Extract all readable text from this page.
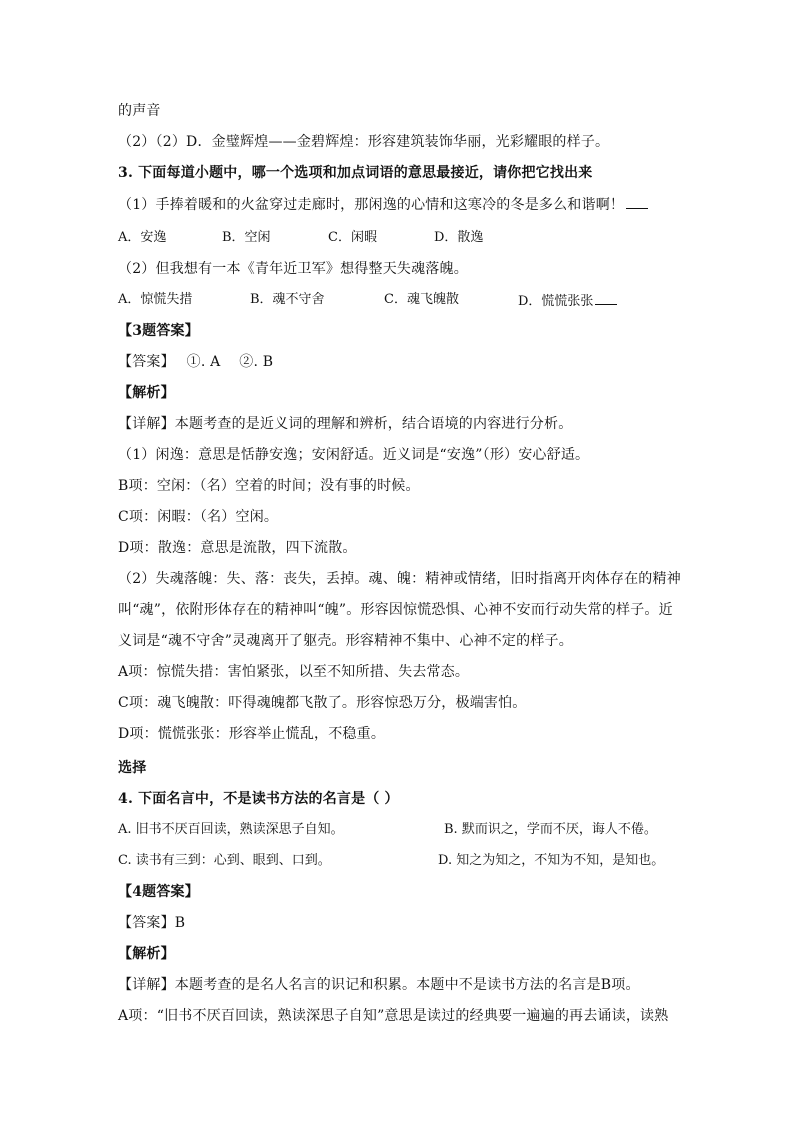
的声音
（2）（2）D．金璧辉煌——金碧辉煌：形容建筑装饰华丽，光彩耀眼的样子。
3. 下面每道小题中，哪一个选项和加点词语的意思最接近，请你把它找出来
（1）手捧着暖和的火盆穿过走廊时，那闲逸的心情和这寒冷的冬是多么和谐啊！
A．安逸	B．空闲	C．闲暇	D．散逸
（2）但我想有一本《青年近卫军》想得整天失魂落魄。
A．惊慌失措	B．魂不守舍	C．魂飞魄散	D．慌慌张张
【3题答案】
【答案】　 ①. A　 ②. B
【解析】
【详解】本题考查的是近义词的理解和辨析，结合语境的内容进行分析。
（1）闲逸：意思是恬静安逸；安闲舒适。近义词是“安逸”（形）安心舒适。
B项：空闲：（名）空着的时间；没有事的时候。
C项：闲暇：（名）空闲。
D项：散逸：意思是流散，四下流散。
（2）失魂落魄：失、落：丧失，丢掉。魂、魄：精神或情绪，旧时指离开肉体存在的精神
叫“魂”，依附形体存在的精神叫“魄”。形容因惊慌恐惧、心神不安而行动失常的样子。近
义词是“魂不守舍”灵魂离开了躯壳。形容精神不集中、心神不定的样子。
A项：惊慌失措：害怕紧张，以至不知所措、失去常态。
C项：魂飞魄散：吓得魂魄都飞散了。形容惊恐万分，极端害怕。
D项：慌慌张张：形容举止慌乱，不稳重。
选择
4. 下面名言中，不是读书方法的名言是（ ）
A. 旧书不厌百回读，熟读深思子自知。	B. 默而识之，学而不厌，诲人不倦。
C. 读书有三到：心到、眼到、口到。	D. 知之为知之，不知为不知，是知也。
【4题答案】
【答案】B
【解析】
【详解】本题考查的是名人名言的识记和积累。本题中不是读书方法的名言是B项。
A项：“旧书不厌百回读，熟读深思子自知”意思是读过的经典要一遍遍的再去诵读，读熟
